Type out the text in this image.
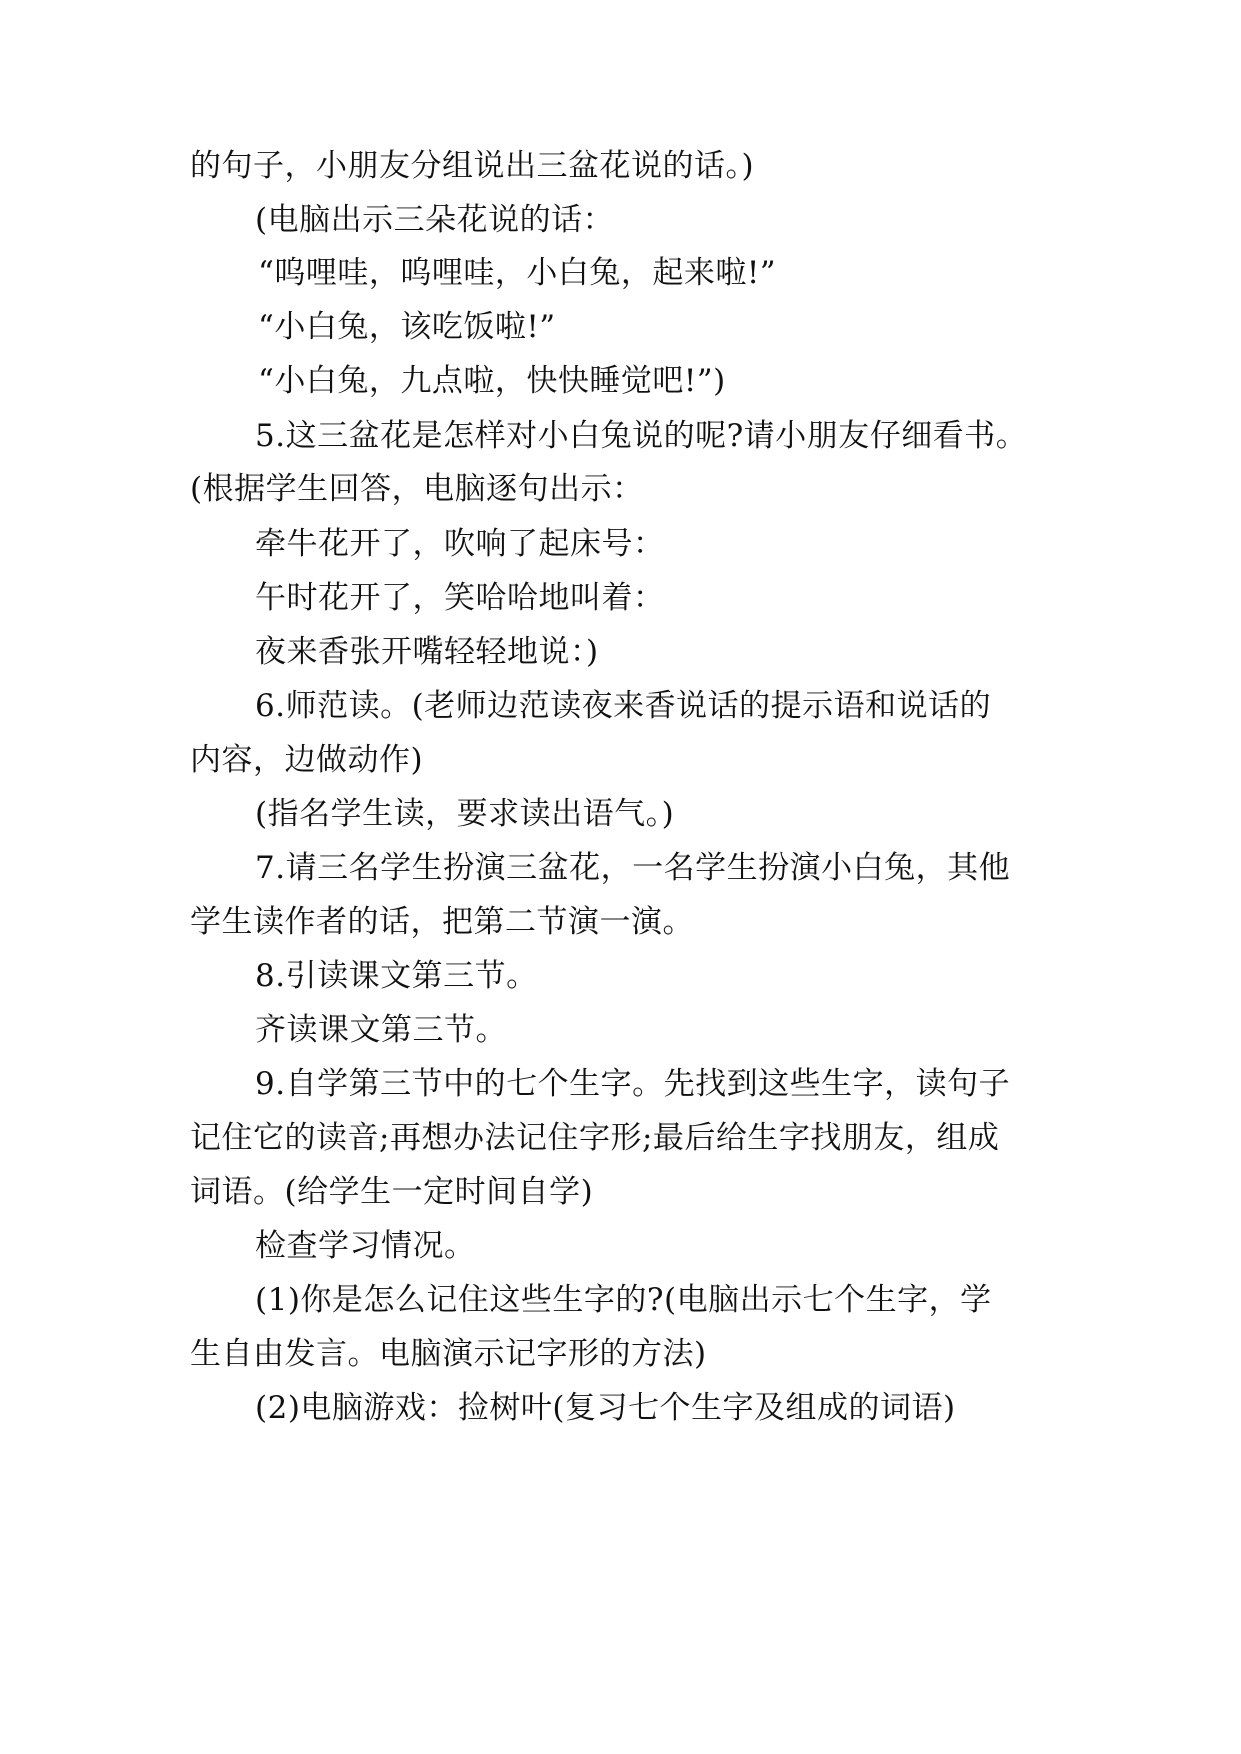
的句子，小朋友分组说出三盆花说的话。)
(电脑出示三朵花说的话：
“呜哩哇，呜哩哇，小白兔，起来啦!”
“小白兔，该吃饭啦!”
“小白兔，九点啦，快快睡觉吧!”)
5.这三盆花是怎样对小白兔说的呢?请小朋友仔细看书。
(根据学生回答，电脑逐句出示：
牵牛花开了，吹响了起床号：
午时花开了，笑哈哈地叫着：
夜来香张开嘴轻轻地说：)
6.师范读。(老师边范读夜来香说话的提示语和说话的
内容，边做动作)
(指名学生读，要求读出语气。)
7.请三名学生扮演三盆花，一名学生扮演小白兔，其他
学生读作者的话，把第二节演一演。
8.引读课文第三节。
齐读课文第三节。
9.自学第三节中的七个生字。先找到这些生字，读句子
记住它的读音;再想办法记住字形;最后给生字找朋友，组成
词语。(给学生一定时间自学)
检查学习情况。
(1)你是怎么记住这些生字的?(电脑出示七个生字，学
生自由发言。电脑演示记字形的方法)
(2)电脑游戏：捡树叶(复习七个生字及组成的词语)
